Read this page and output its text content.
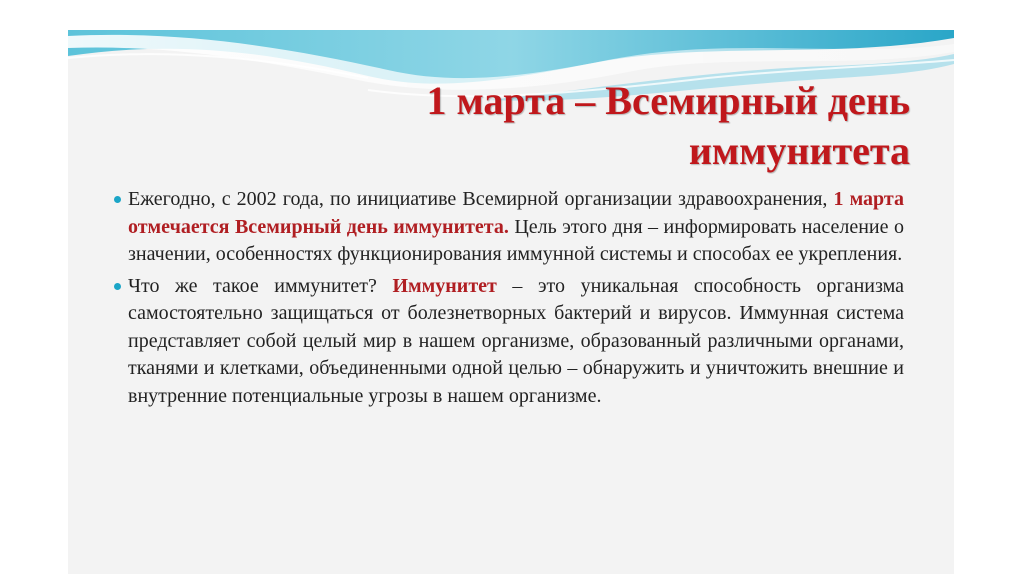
1 марта – Всемирный день
иммунитета

Ежегодно, с 2002 года, по инициативе Всемирной организации здравоохранения, 1 марта отмечается Всемирный день иммунитета. Цель этого дня – информировать население о значении, особенностях функционирования иммунной системы и способах ее укрепления.

Что же такое иммунитет? Иммунитет – это уникальная способность организма самостоятельно защищаться от болезнетворных бактерий и вирусов. Иммунная система представляет собой целый мир в нашем организме, образованный различными органами, тканями и клетками, объединенными одной целью – обнаружить и уничтожить внешние и внутренние потенциальные угрозы в нашем организме.
